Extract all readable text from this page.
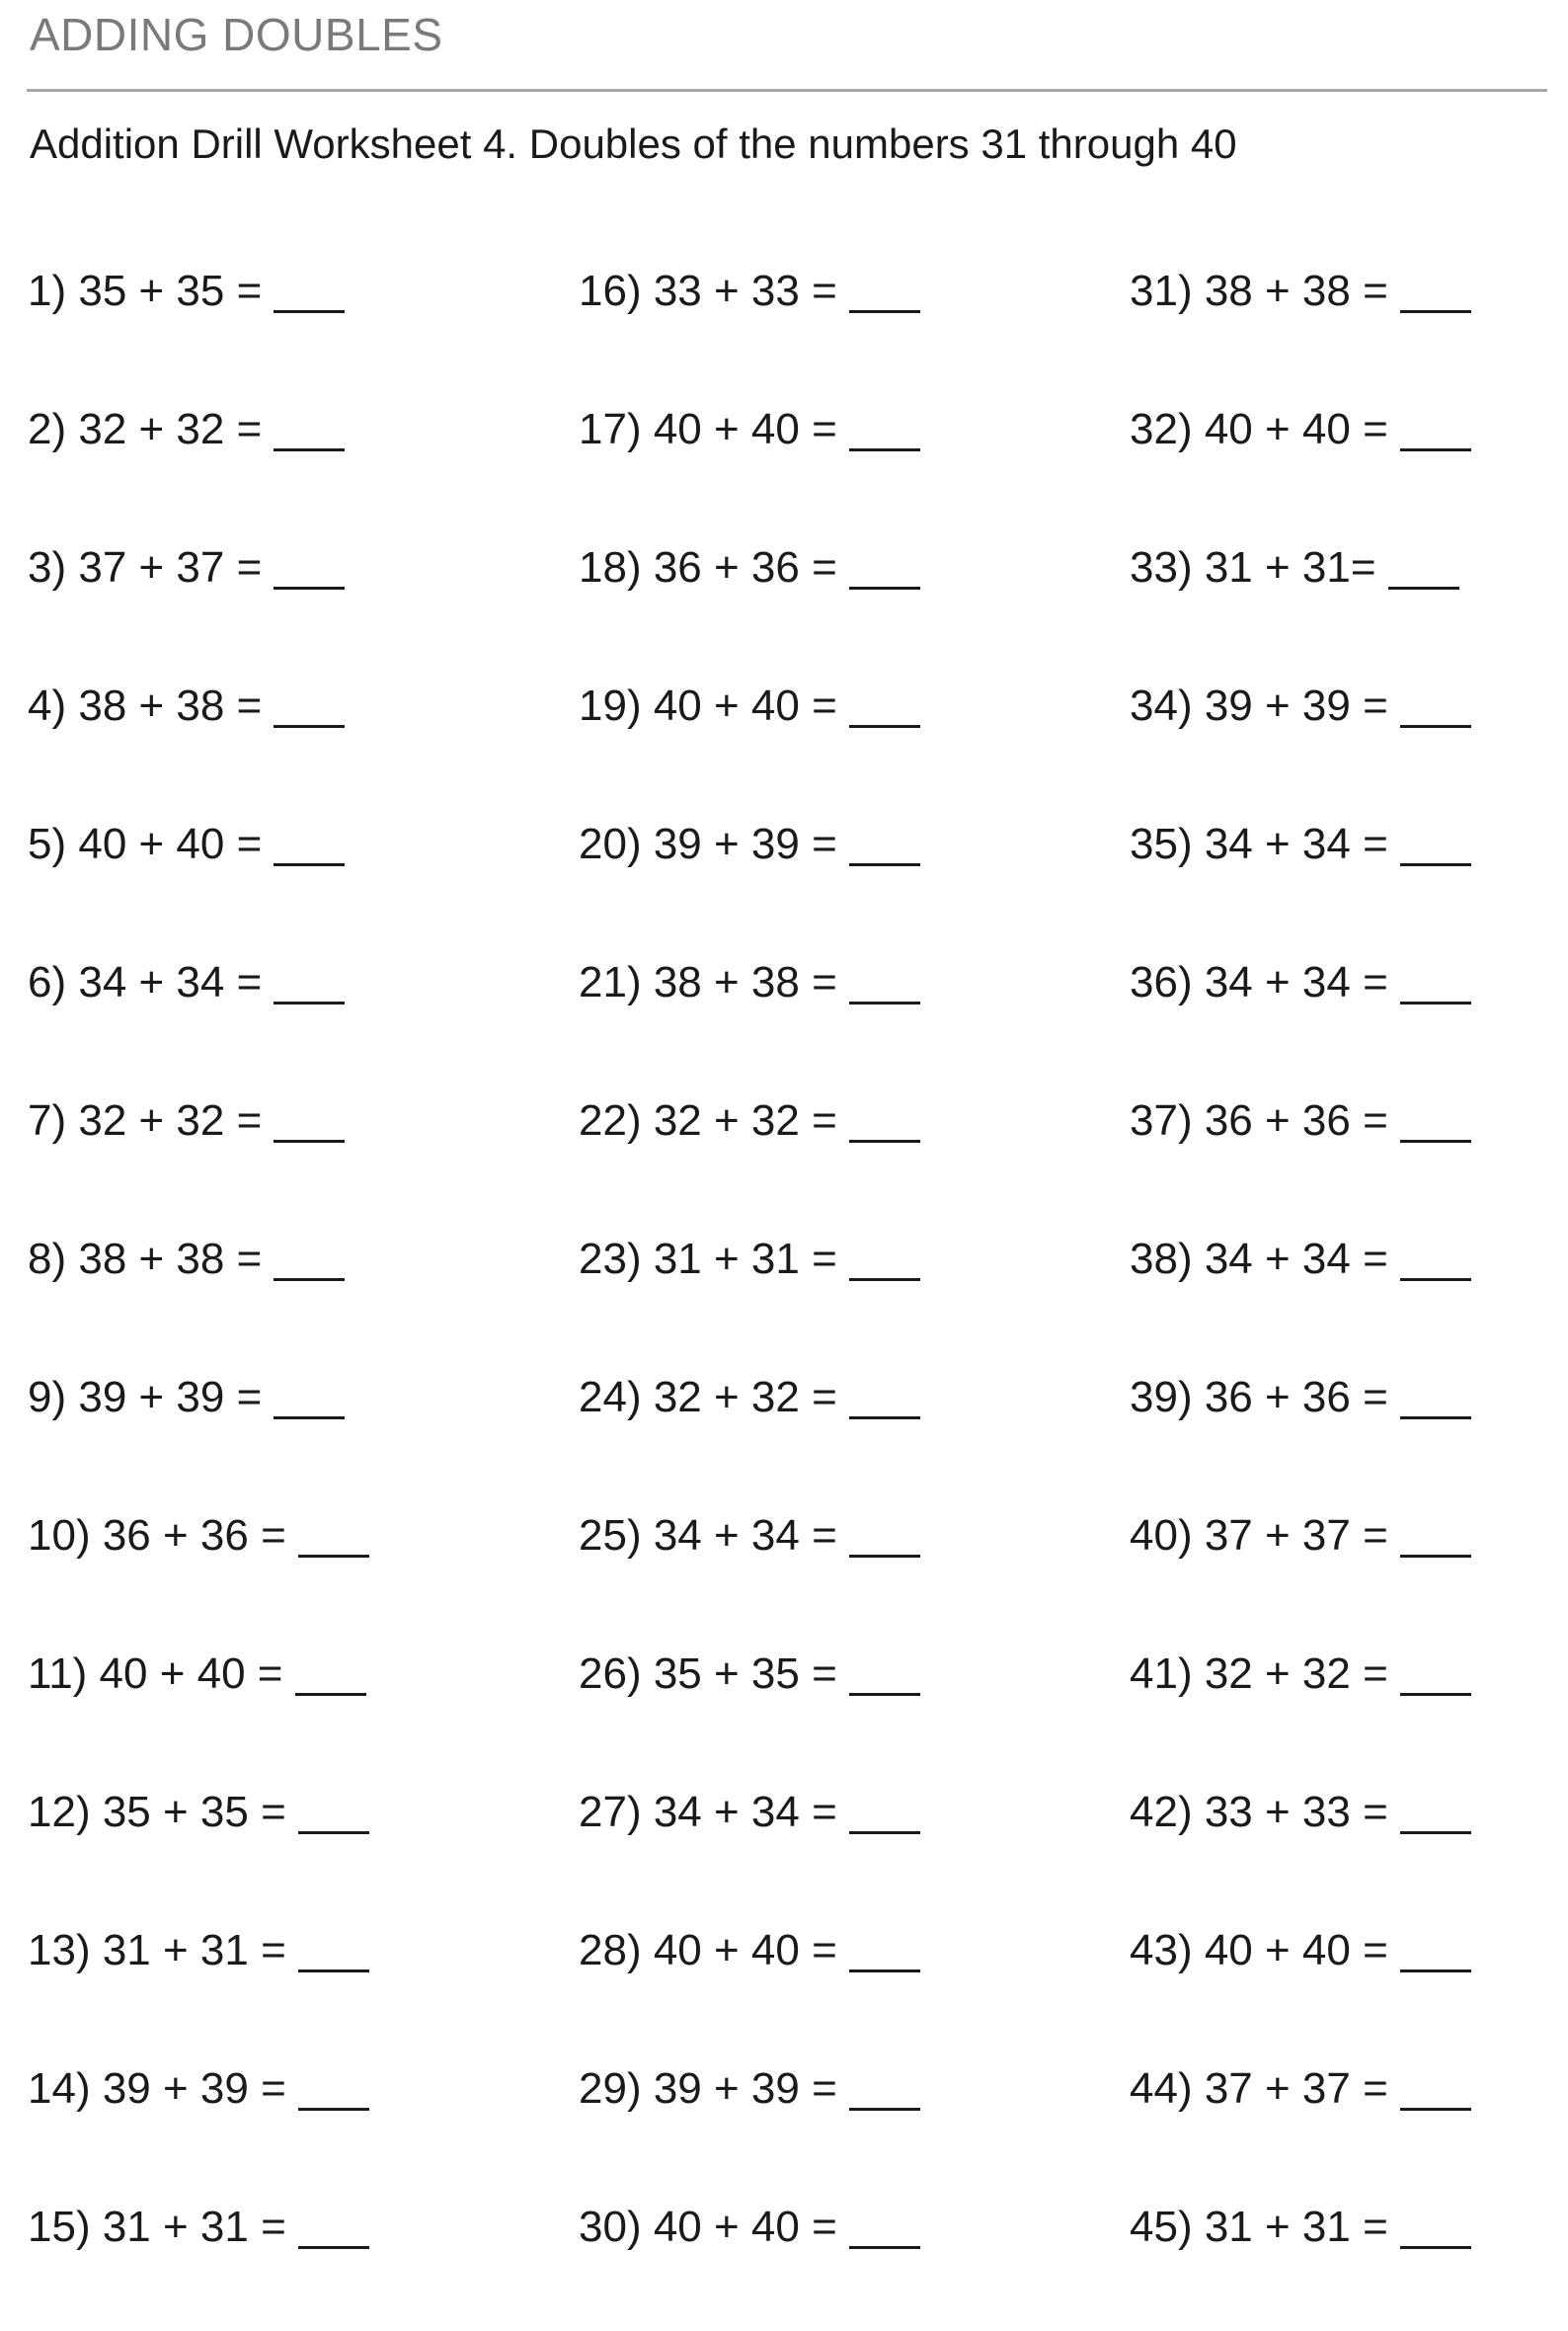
ADDING DOUBLES
Addition Drill Worksheet 4. Doubles of the numbers 31 through 40
1) 35 + 35 =
2) 32 + 32 =
3) 37 + 37 =
4) 38 + 38 =
5) 40 + 40 =
6) 34 + 34 =
7) 32 + 32 =
8) 38 + 38 =
9) 39 + 39 =
10) 36 + 36 =
11) 40 + 40 =
12) 35 + 35 =
13) 31 + 31 =
14) 39 + 39 =
15) 31 + 31 =
16) 33 + 33 =
17) 40 + 40 =
18) 36 + 36 =
19) 40 + 40 =
20) 39 + 39 =
21) 38 + 38 =
22) 32 + 32 =
23) 31 + 31 =
24) 32 + 32 =
25) 34 + 34 =
26) 35 + 35 =
27) 34 + 34 =
28) 40 + 40 =
29) 39 + 39 =
30) 40 + 40 =
31) 38 + 38 =
32) 40 + 40 =
33) 31 + 31=
34) 39 + 39 =
35) 34 + 34 =
36) 34 + 34 =
37) 36 + 36 =
38) 34 + 34 =
39) 36 + 36 =
40) 37 + 37 =
41) 32 + 32 =
42) 33 + 33 =
43) 40 + 40 =
44) 37 + 37 =
45) 31 + 31 =
